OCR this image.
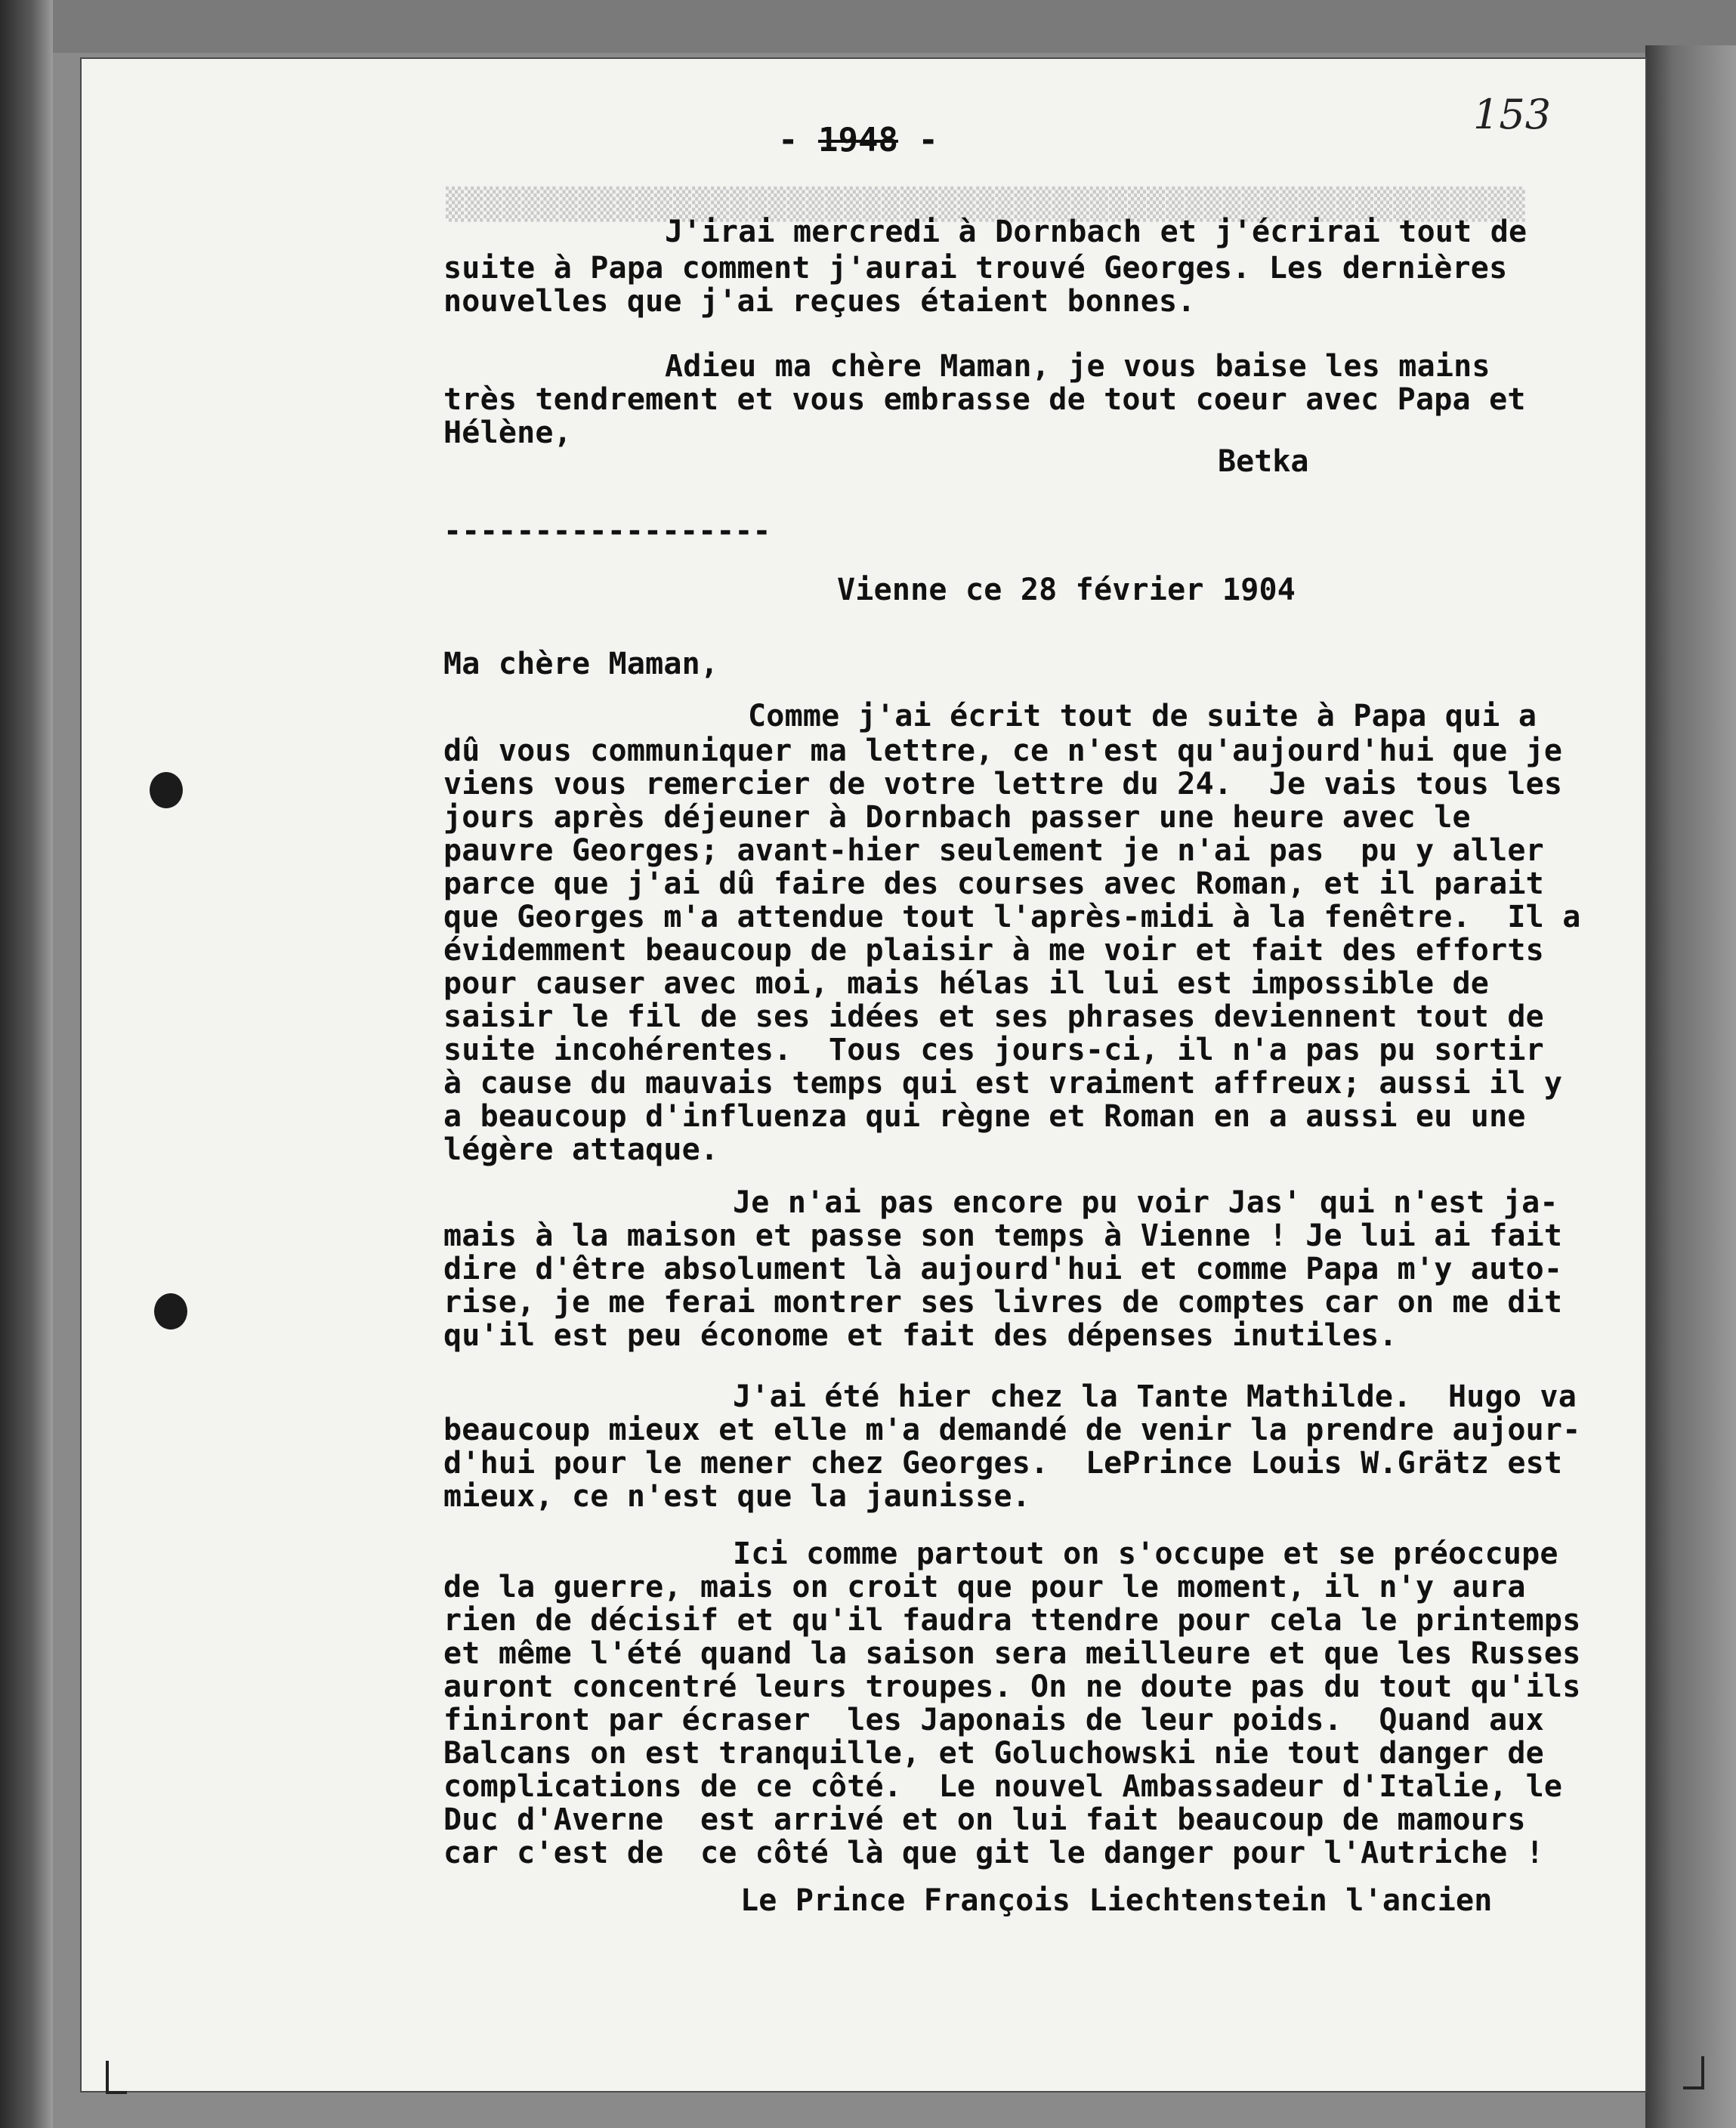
▒▒▒▒▒▒▒▒▒▒▒▒▒▒▒▒▒▒▒▒▒▒▒▒▒▒▒▒▒▒▒▒▒▒▒▒▒▒▒▒▒▒▒▒▒▒▒▒▒▒▒▒▒▒▒▒▒
153
- 1948 -
J'irai mercredi à Dornbach et j'écrirai tout de
suite à Papa comment j'aurai trouvé Georges. Les dernières
nouvelles que j'ai reçues étaient bonnes.
Adieu ma chère Maman, je vous baise les mains
très tendrement et vous embrasse de tout coeur avec Papa et
Hélène,
Betka
------------------
Vienne ce 28 février 1904
Ma chère Maman,
Comme j'ai écrit tout de suite à Papa qui a
dû vous communiquer ma lettre, ce n'est qu'aujourd'hui que je
viens vous remercier de votre lettre du 24.  Je vais tous les
jours après déjeuner à Dornbach passer une heure avec le
pauvre Georges; avant-hier seulement je n'ai pas  pu y aller
parce que j'ai dû faire des courses avec Roman, et il parait
que Georges m'a attendue tout l'après-midi à la fenêtre.  Il a
évidemment beaucoup de plaisir à me voir et fait des efforts
pour causer avec moi, mais hélas il lui est impossible de
saisir le fil de ses idées et ses phrases deviennent tout de
suite incohérentes.  Tous ces jours-ci, il n'a pas pu sortir
à cause du mauvais temps qui est vraiment affreux; aussi il y
a beaucoup d'influenza qui règne et Roman en a aussi eu une
légère attaque.
Je n'ai pas encore pu voir Jas' qui n'est ja-
mais à la maison et passe son temps à Vienne ! Je lui ai fait
dire d'être absolument là aujourd'hui et comme Papa m'y auto-
rise, je me ferai montrer ses livres de comptes car on me dit
qu'il est peu économe et fait des dépenses inutiles.
J'ai été hier chez la Tante Mathilde.  Hugo va
beaucoup mieux et elle m'a demandé de venir la prendre aujour-
d'hui pour le mener chez Georges.  LePrince Louis W.Grätz est
mieux, ce n'est que la jaunisse.
Ici comme partout on s'occupe et se préoccupe
de la guerre, mais on croit que pour le moment, il n'y aura
rien de décisif et qu'il faudra ttendre pour cela le printemps
et même l'été quand la saison sera meilleure et que les Russes
auront concentré leurs troupes. On ne doute pas du tout qu'ils
finiront par écraser  les Japonais de leur poids.  Quand aux
Balcans on est tranquille, et Goluchowski nie tout danger de
complications de ce côté.  Le nouvel Ambassadeur d'Italie, le
Duc d'Averne  est arrivé et on lui fait beaucoup de mamours
car c'est de  ce côté là que git le danger pour l'Autriche !
Le Prince François Liechtenstein l'ancien
